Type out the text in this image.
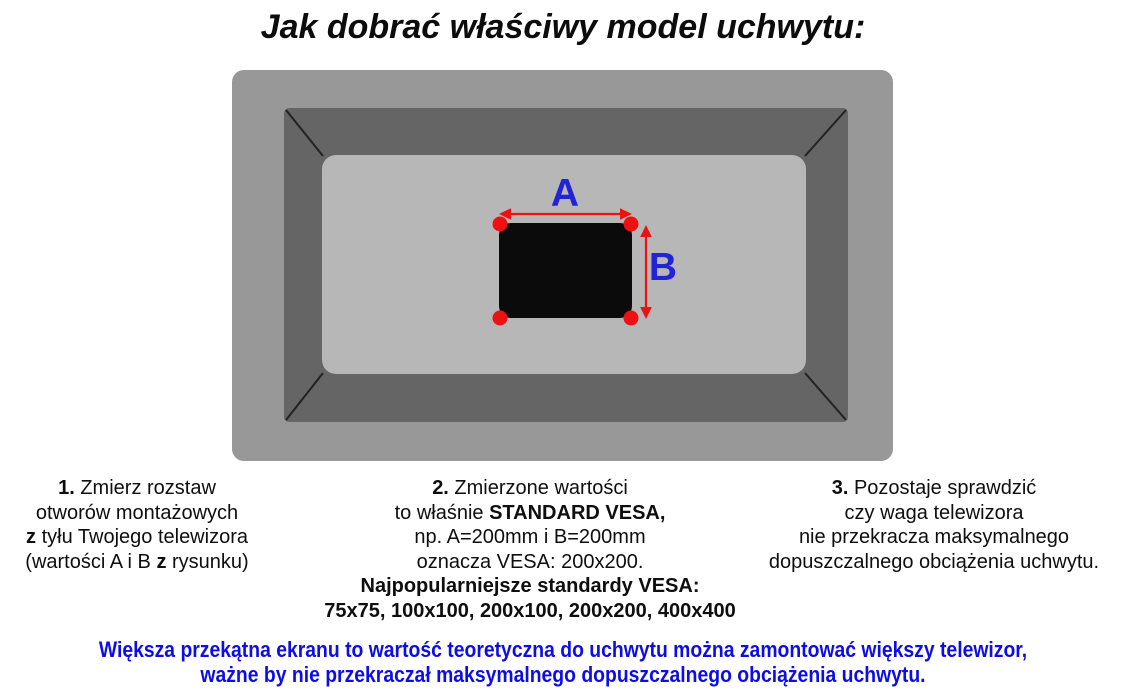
Jak dobrać właściwy model uchwytu:
A
B
1. Zmierz rozstaw
otworów montażowych
z tyłu Twojego telewizora
(wartości A i B z rysunku)
2. Zmierzone wartości
to właśnie STANDARD VESA,
np. A=200mm i B=200mm
oznacza VESA: 200x200.
Najpopularniejsze standardy VESA:
75x75, 100x100, 200x100, 200x200, 400x400
3. Pozostaje sprawdzić
czy waga telewizora
nie przekracza maksymalnego
dopuszczalnego obciążenia uchwytu.
Większa przekątna ekranu to wartość teoretyczna do uchwytu można zamontować większy telewizor,
ważne by nie przekraczał maksymalnego dopuszczalnego obciążenia uchwytu.
